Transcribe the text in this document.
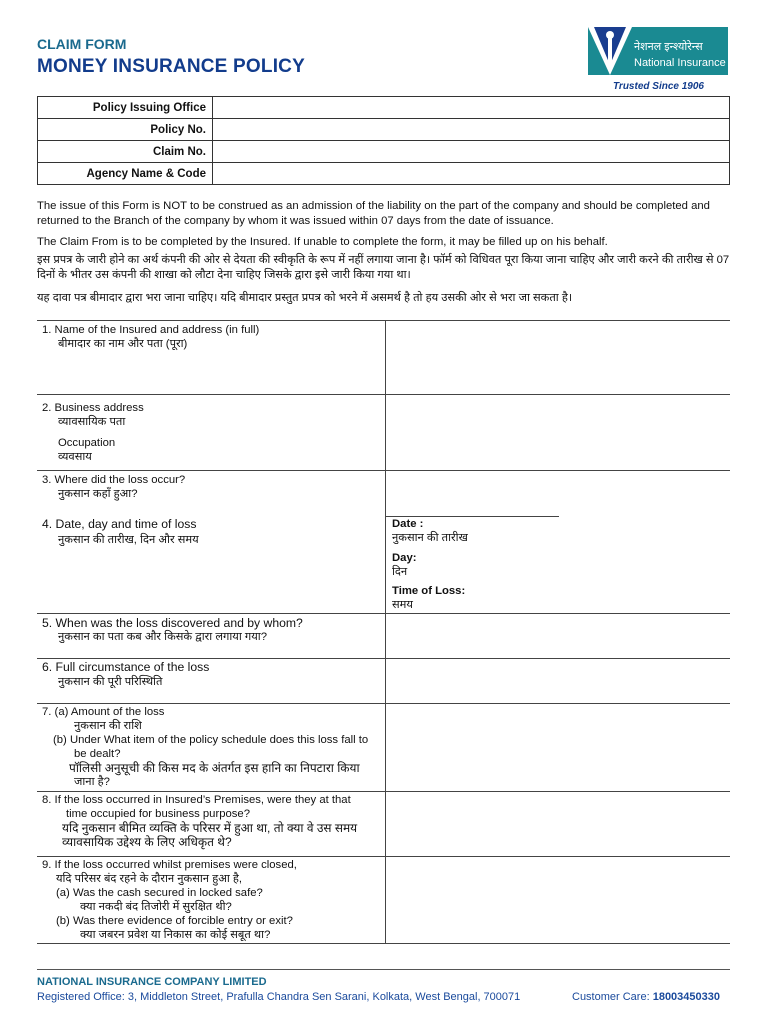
CLAIM FORM
MONEY INSURANCE POLICY
नेशनल इन्श्योरेन्स
National Insurance
Trusted Since 1906
Policy Issuing Office	
Policy No.	
Claim No.	
Agency Name & Code	
The issue of this Form is NOT to be construed as an admission of the liability on the part of the company and should be completed and returned to the Branch of the company by whom it was issued within 07 days from the date of issuance.
The Claim From is to be completed by the Insured. If unable to complete the form, it may be filled up on his behalf.
इस प्रपत्र के जारी होने का अर्थ कंपनी की ओर से देयता की स्वीकृति के रूप में नहीं लगाया जाना है। फॉर्म को विधिवत पूरा किया जाना चाहिए और जारी करने की तारीख से 07 दिनों के भीतर उस कंपनी की शाखा को लौटा देना चाहिए जिसके द्वारा इसे जारी किया गया था।
यह दावा पत्र बीमादार द्वारा भरा जाना चाहिए। यदि बीमादार प्रस्तुत प्रपत्र को भरने में असमर्थ है तो हय उसकी ओर से भरा जा सकता है।
1. Name of the Insured and address (in full)
बीमादार का नाम और पता (पूरा)
2. Business address
व्यावसायिक पता
Occupation
व्यवसाय
3. Where did the loss occur?
नुकसान कहाँ हुआ?
4. Date, day and time of loss
नुकसान की तारीख, दिन और समय
Date :
नुकसान की तारीख
Day:
दिन
Time of Loss:
समय
5. When was the loss discovered and by whom?
नुकसान का पता कब और किसके द्वारा लगाया गया?
6. Full circumstance of the loss
नुकसान की पूरी परिस्थिति
7. (a) Amount of the loss
नुकसान की राशि
(b) Under What item of the policy schedule does this loss fall to
be dealt?
पॉलिसी अनुसूची की किस मद के अंतर्गत इस हानि का निपटारा किया
जाना है?
8. If the loss occurred in Insured’s Premises, were they at that
time occupied for business purpose?
यदि नुकसान बीमित व्यक्ति के परिसर में हुआ था, तो क्या वे उस समय
व्यावसायिक उद्देश्य के लिए अधिकृत थे?
9. If the loss occurred whilst premises were closed,
यदि परिसर बंद रहने के दौरान नुकसान हुआ है,
(a) Was the cash secured in locked safe?
क्या नकदी बंद तिजोरी में सुरक्षित थी?
(b) Was there evidence of forcible entry or exit?
क्या जबरन प्रवेश या निकास का कोई सबूत था?
NATIONAL INSURANCE COMPANY LIMITED
Registered Office: 3, Middleton Street, Prafulla Chandra Sen Sarani, Kolkata, West Bengal, 700071	Customer Care: 18003450330
